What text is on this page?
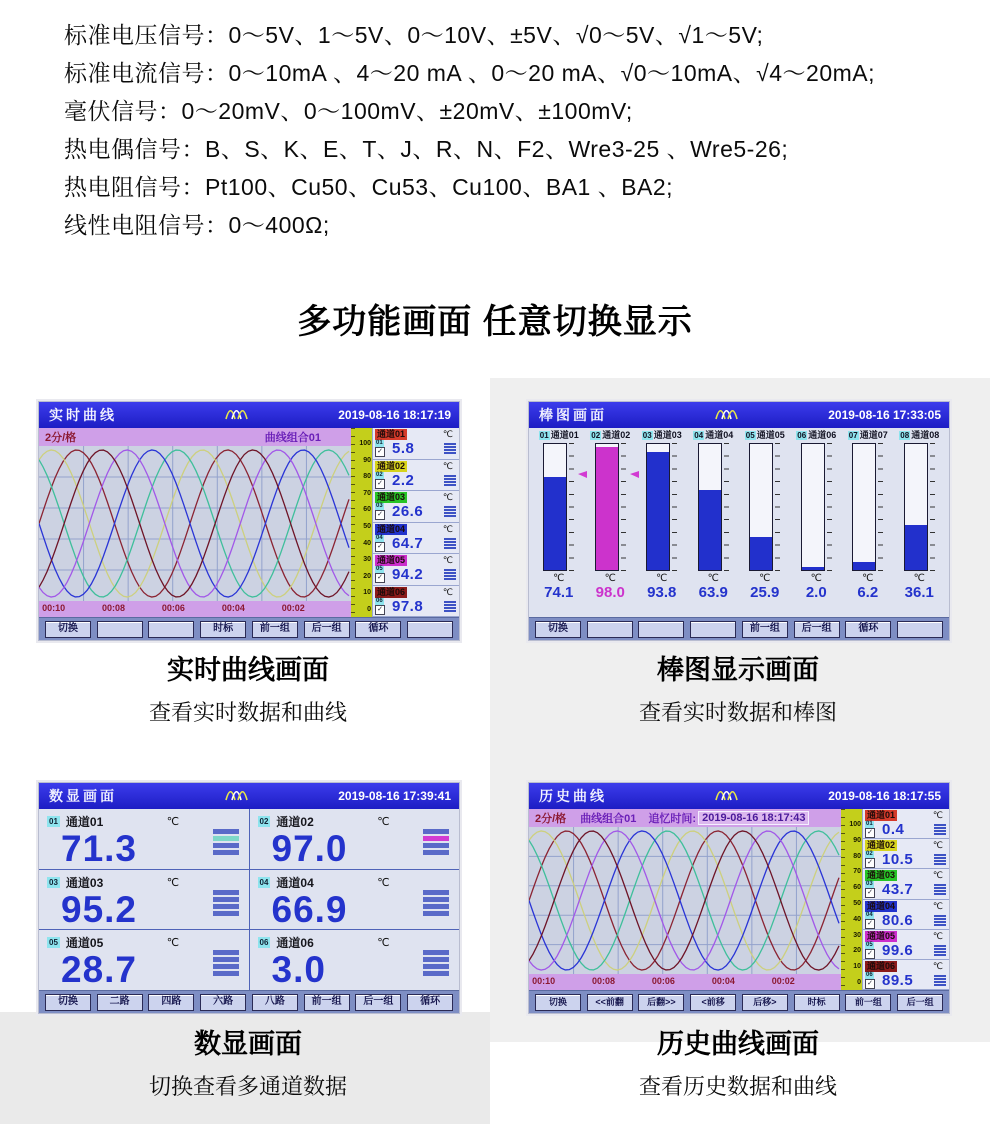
标准电压信号：0～5V、1～5V、0～10V、±5V、√0～5V、√1～5V;
标准电流信号：0～10mA 、4～20 mA 、0～20 mA、√0～10mA、√4～20mA;
毫伏信号：0～20mV、0～100mV、±20mV、±100mV;
热电偶信号：B、S、K、E、T、J、R、N、F2、Wre3-25 、Wre5-26;
热电阻信号：Pt100、Cu50、Cu53、Cu100、BA1 、BA2;
线性电阻信号：0～400Ω;
多功能画面 任意切换显示
实时曲线	2019-08-16 18:17:19
2分/格	曲线组合01
00:10	00:08	00:06	00:04	00:02
100
90
80
70
60
50
40
30
20
10
0
通道01	℃
01
✓ 5.8
通道02	℃
02
✓ 2.2
通道03	℃
03
✓ 26.6
通道04	℃
04
✓ 64.7
通道05	℃
05
✓ 94.2
通道06	℃
06
✓ 97.8
切换	时标	前一组	后一组	循环
棒图画面	2019-08-16 17:33:05
01 通道01
℃
74.1
02 通道02
℃
98.0
03 通道03
℃
93.8
04 通道04
℃
63.9
05 通道05
℃
25.9
06 通道06
℃
2.0
07 通道07
℃
6.2
08 通道08
℃
36.1
切换	前一组	后一组	循环
数显画面	2019-08-16 17:39:41
01 通道01	℃
71.3
02 通道02	℃
97.0
03 通道03	℃
95.2
04 通道04	℃
66.9
05 通道05	℃
28.7
06 通道06	℃
3.0
切换	二路	四路	六路	八路	前一组	后一组	循环
历史曲线	2019-08-16 18:17:55
2分/格 曲线组合01 追忆时间: 2019-08-16 18:17:43
00:10	00:08	00:06	00:04	00:02
100
90
80
70
60
50
40
30
20
10
0
通道01	℃
01
✓ 0.4
通道02	℃
02
✓ 10.5
通道03	℃
03
✓ 43.7
通道04	℃
04
✓ 80.6
通道05	℃
05
✓ 99.6
通道06	℃
06
✓ 89.5
切换	<<前翻	后翻>>	<前移	后移>	时标	前一组	后一组
实时曲线画面
查看实时数据和曲线
棒图显示画面
查看实时数据和棒图
数显画面
切换查看多通道数据
历史曲线画面
查看历史数据和曲线
